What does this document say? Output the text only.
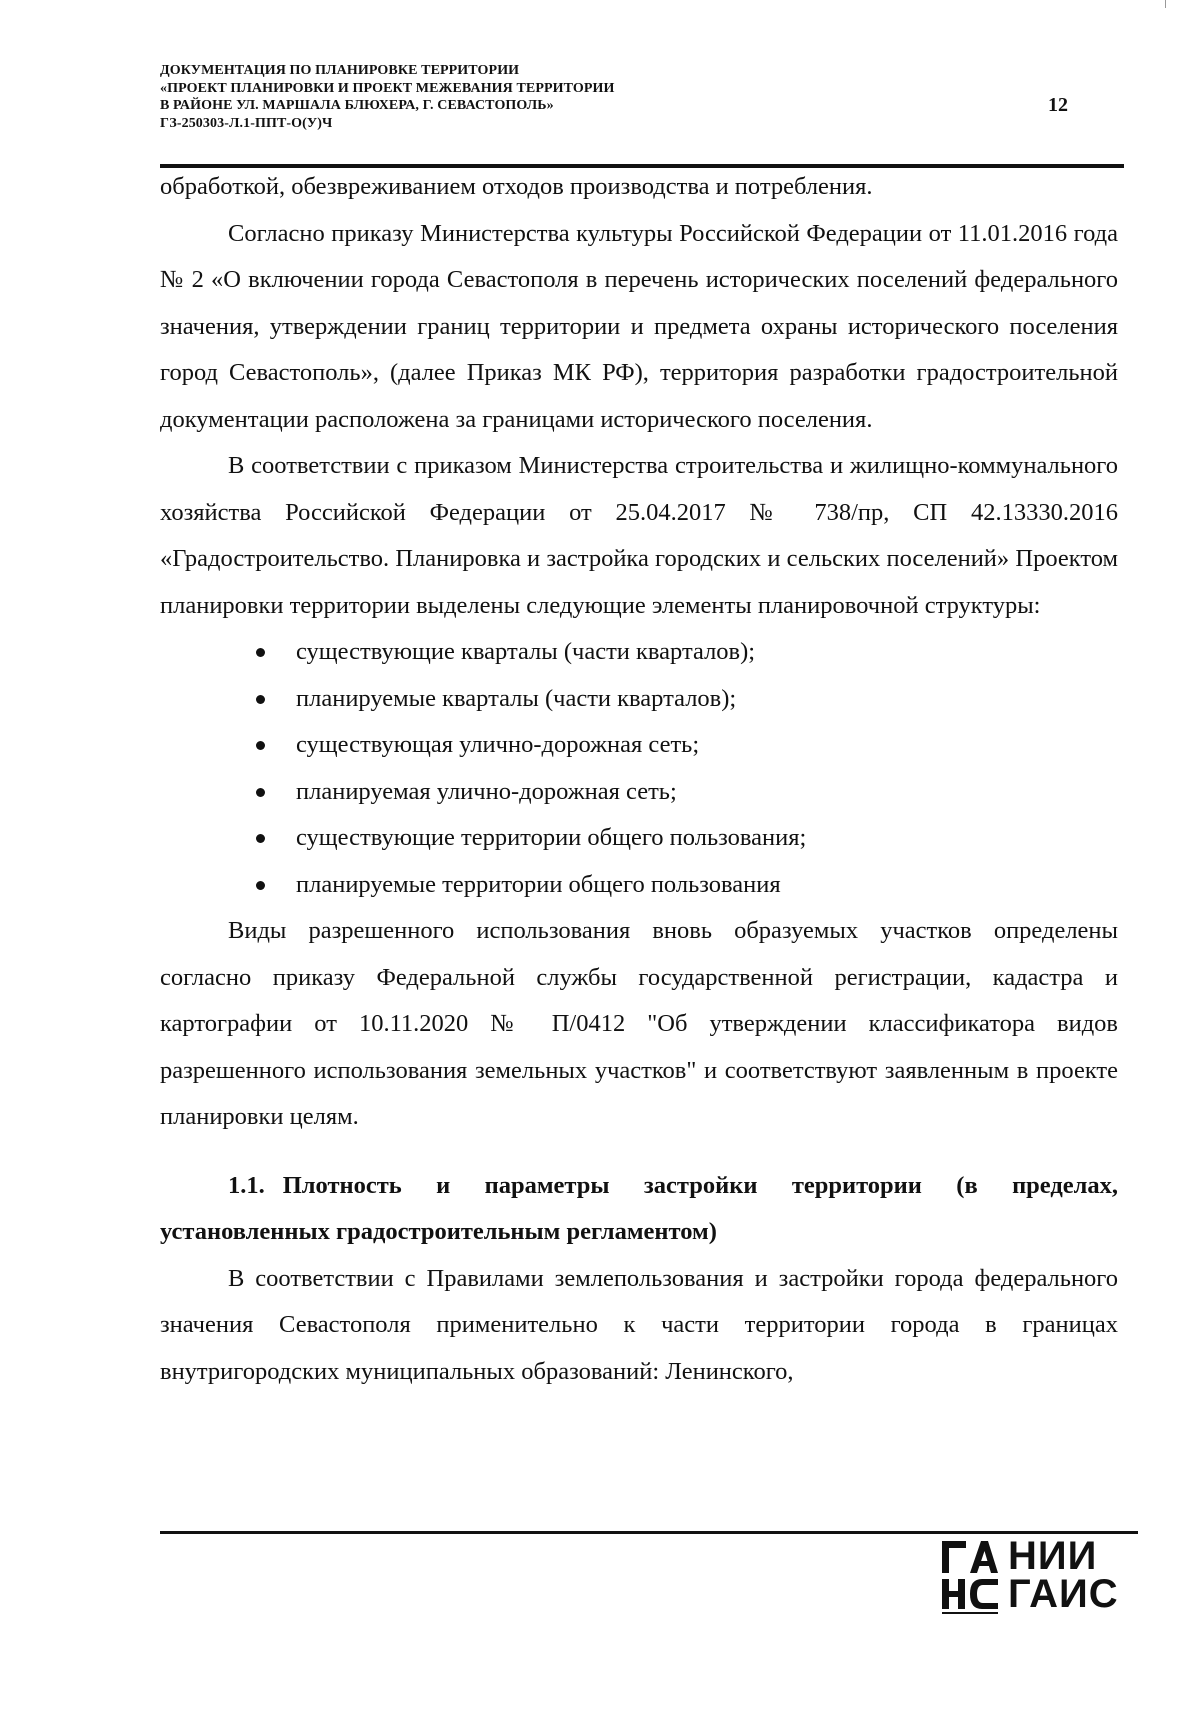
ДОКУМЕНТАЦИЯ ПО ПЛАНИРОВКЕ ТЕРРИТОРИИ
«ПРОЕКТ ПЛАНИРОВКИ И ПРОЕКТ МЕЖЕВАНИЯ ТЕРРИТОРИИ
В РАЙОНЕ УЛ. МАРШАЛА БЛЮХЕРА, Г. СЕВАСТОПОЛЬ»
ГЗ-250303-Л.1-ППТ-О(У)Ч
12

обработкой, обезвреживанием отходов производства и потребления.

Согласно приказу Министерства культуры Российской Федерации от 11.01.2016 года № 2 «О включении города Севастополя в перечень исторических поселений федерального значения, утверждении границ территории и предмета охраны исторического поселения город Севастополь», (далее Приказ МК РФ), территория разработки градостроительной документации расположена за границами исторического поселения.

В соответствии с приказом Министерства строительства и жилищно-коммунального хозяйства Российской Федерации от 25.04.2017 № 738/пр, СП 42.13330.2016 «Градостроительство. Планировка и застройка городских и сельских поселений» Проектом планировки территории выделены следующие элементы планировочной структуры:

существующие кварталы (части кварталов);
планируемые кварталы (части кварталов);
существующая улично-дорожная сеть;
планируемая улично-дорожная сеть;
существующие территории общего пользования;
планируемые территории общего пользования

Виды разрешенного использования вновь образуемых участков определены согласно приказу Федеральной службы государственной регистрации, кадастра и картографии от 10.11.2020 № П/0412 "Об утверждении классификатора видов разрешенного использования земельных участков" и соответствуют заявленным в проекте планировки целям.

1.1. Плотность и параметры застройки территории (в пределах, установленных градостроительным регламентом)

В соответствии с Правилами землепользования и застройки города федерального значения Севастополя применительно к части территории города в границах внутригородских муниципальных образований: Ленинского,

НИИ
ГАИС
